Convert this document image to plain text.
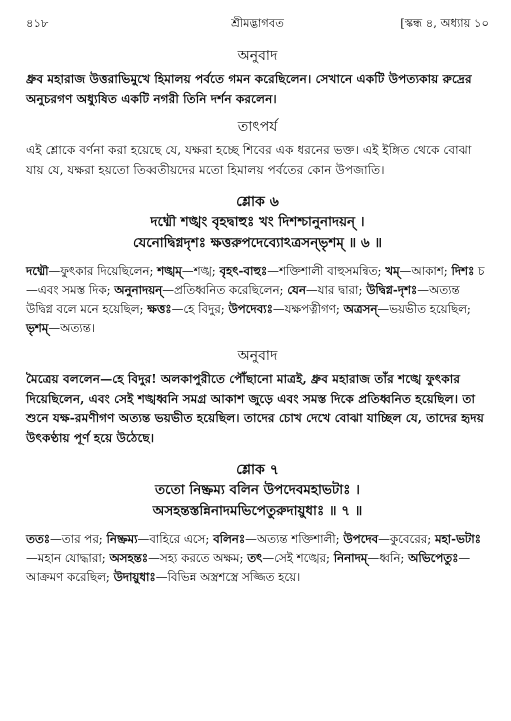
৪১৮	শ্রীমদ্ভাগবত	[স্কন্ধ ৪, অধ্যায় ১০

অনুবাদ

ধ্রুব মহারাজ উত্তরাভিমুখে হিমালয় পর্বতে গমন করেছিলেন। সেখানে একটি উপত্যকায় রুদ্রের অনুচরগণ অধ্যুষিত একটি নগরী তিনি দর্শন করলেন।

তাৎপর্য

এই শ্লোকে বর্ণনা করা হয়েছে যে, যক্ষরা হচ্ছে শিবের এক ধরনের ভক্ত। এই ইঙ্গিত থেকে বোঝা যায় যে, যক্ষরা হয়তো তিব্বতীয়দের মতো হিমালয় পর্বতের কোন উপজাতি।

শ্লোক ৬

দধ্মৌ শঙ্খং বৃহদ্বাহুঃ খং দিশশ্চানুনাদয়ন্ ।

যেনোদ্বিগ্নদৃশঃ ক্ষত্তরুপদেব্যোঽত্রসন্‌ভৃশম্ ॥ ৬ ॥

দধ্মৌ—ফুৎকার দিয়েছিলেন; শঙ্খম্—শঙ্খ; বৃহৎ-বাহুঃ—শক্তিশালী বাহুসমন্বিত; খম্—আকাশ; দিশঃ চ—এবং সমস্ত দিক; অনুনাদয়ন্—প্রতিধ্বনিত করেছিলেন; যেন—যার দ্বারা; উদ্বিগ্ন-দৃশঃ—অত্যন্ত উদ্বিগ্ন বলে মনে হয়েছিল; ক্ষত্তঃ—হে বিদুর; উপদেব্যঃ—যক্ষপত্নীগণ; অত্রসন্—ভয়ভীত হয়েছিল; ভৃশম্—অত্যন্ত।

অনুবাদ

মৈত্রেয় বললেন—হে বিদুর! অলকাপুরীতে পৌঁছানো মাত্রই, ধ্রুব মহারাজ তাঁর শঙ্খে ফুৎকার দিয়েছিলেন, এবং সেই শঙ্খধ্বনি সমগ্র আকাশ জুড়ে এবং সমস্ত দিকে প্রতিধ্বনিত হয়েছিল। তা শুনে যক্ষ-রমণীগণ অত্যন্ত ভয়ভীত হয়েছিল। তাদের চোখ দেখে বোঝা যাচ্ছিল যে, তাদের হৃদয় উৎকণ্ঠায় পূর্ণ হয়ে উঠেছে।

শ্লোক ৭

ততো নিষ্ক্রম্য বলিন উপদেবমহাভটাঃ ।

অসহন্তস্তন্নিনাদমভিপেতুরুদায়ুধাঃ ॥ ৭ ॥

ততঃ—তার পর; নিষ্ক্রম্য—বাহিরে এসে; বলিনঃ—অত্যন্ত শক্তিশালী; উপদেব—কুবেরের; মহা-ভটাঃ—মহান যোদ্ধারা; অসহন্তঃ—সহ্য করতে অক্ষম; তৎ—সেই শঙ্খের; নিনাদম্—ধ্বনি; অভিপেতুঃ—আক্রমণ করেছিল; উদায়ুধাঃ—বিভিন্ন অস্ত্রশস্ত্রে সজ্জিত হয়ে।
